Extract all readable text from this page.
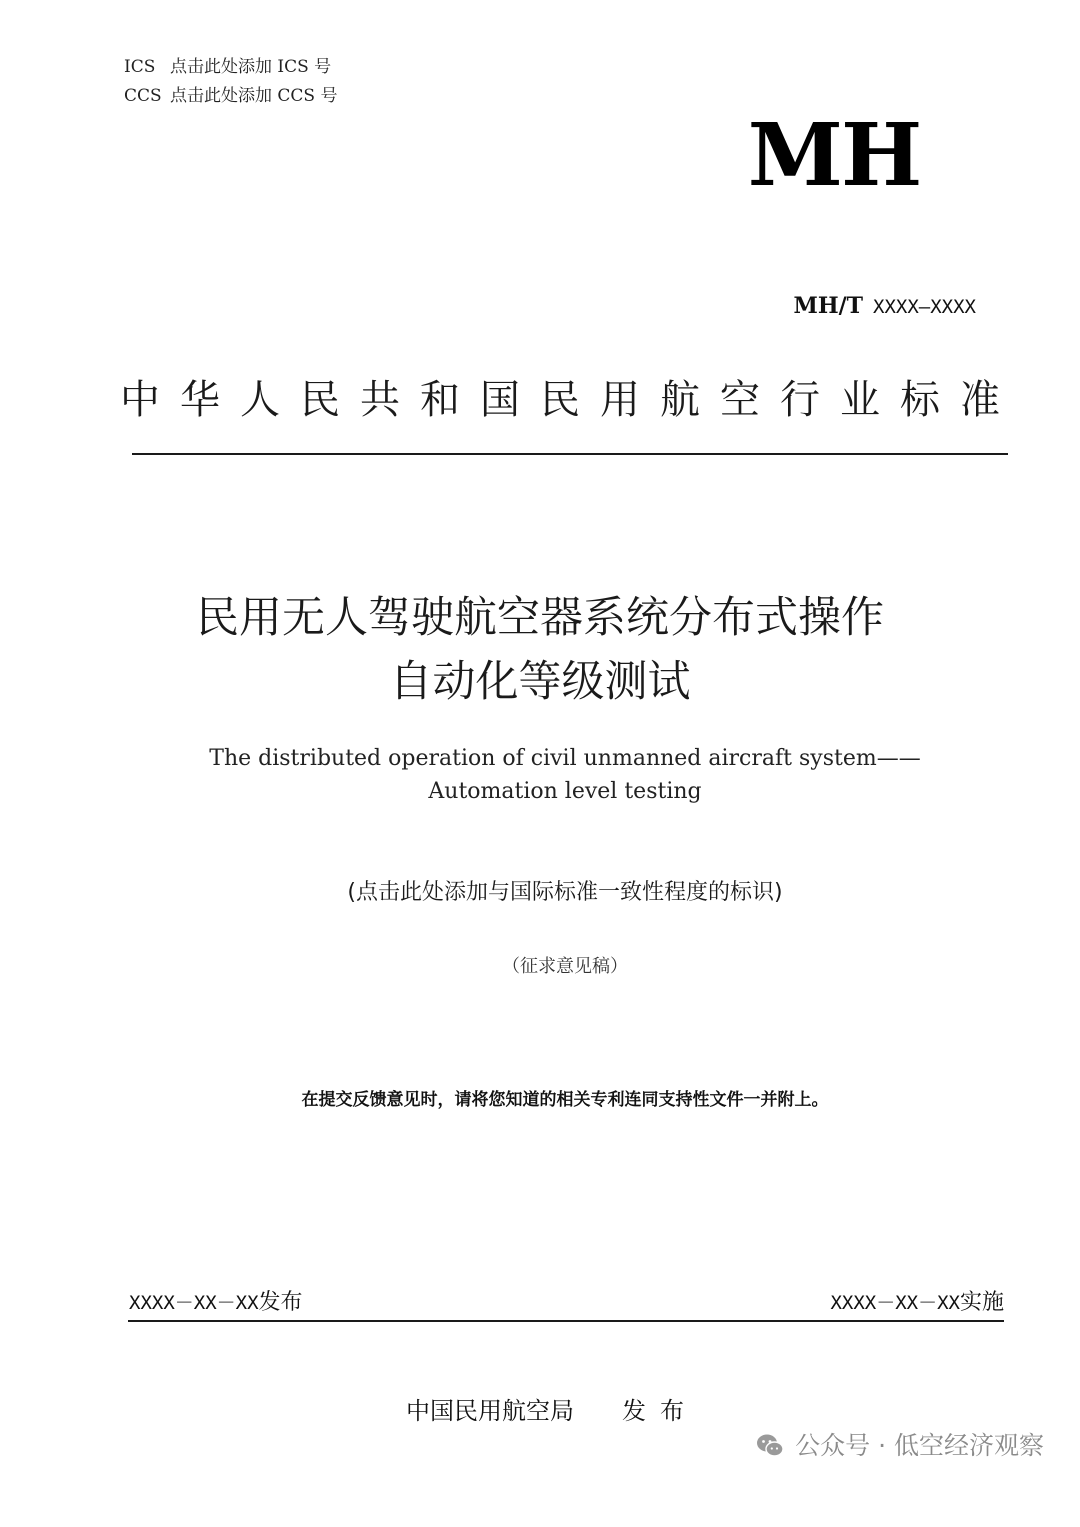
ICS 点击此处添加 ICS 号
CCS 点击此处添加 CCS 号
MH
MH/T XXXX—XXXX
中华人民共和国民用航空行业标准
民用无人驾驶航空器系统分布式操作
自动化等级测试
The distributed operation of civil unmanned aircraft system——
Automation level testing
(点击此处添加与国际标准一致性程度的标识)
（征求意见稿）
在提交反馈意见时，请将您知道的相关专利连同支持性文件一并附上。
XXXX－XX－XX发布	XXXX－XX－XX实施
中国民用航空局 发布
公众号 · 低空经济观察
